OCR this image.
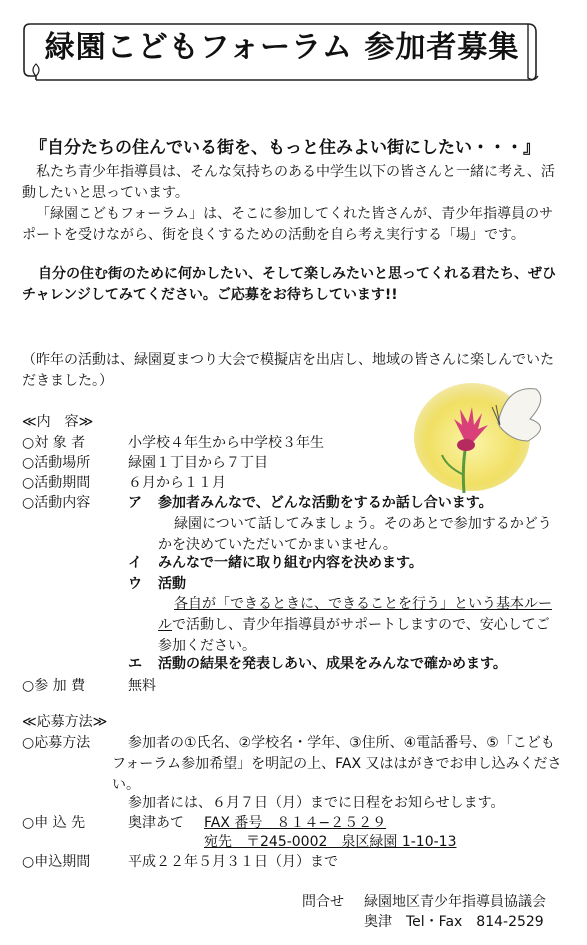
緑園こどもフォーラム 参加者募集
『自分たちの住んでいる街を、もっと住みよい街にしたい・・・』

私たち青少年指導員は、そんな気持ちのある中学生以下の皆さんと一緒に考え、活動したいと思っています。

「緑園こどもフォーラム」は、そこに参加してくれた皆さんが、青少年指導員のサポートを受けながら、街を良くするための活動を自ら考え実行する「場」です。

自分の住む街のために何かしたい、そして楽しみたいと思ってくれる君たち、ぜひチャレンジしてみてください。ご応募をお待ちしています!!

（昨年の活動は、緑園夏まつり大会で模擬店を出店し、地域の皆さんに楽しんでいただきました。）

≪内　容≫
○対 象 者	小学校４年生から中学校３年生
○活動場所	緑園１丁目から７丁目
○活動期間	６月から１１月
○活動内容	ア 参加者みんなで、どんな活動をするか話し合います。

緑園について話してみましょう。そのあとで参加するかどうかを決めていただいてかまいません。

イ みんなで一緒に取り組む内容を決めます。
ウ 活動

各自が「できるときに、できることを行う」という基本ルールで活動し、青少年指導員がサポートしますので、安心してご参加ください。

エ 活動の結果を発表しあい、成果をみんなで確かめます。
○参 加 費	無料
≪応募方法≫
○応募方法	参加者の①氏名、②学校名・学年、③住所、④電話番号、⑤「こどもフォーラム参加希望」を明記の上、FAX 又ははがきでお申し込みください。

参加者には、６月７日（月）までに日程をお知らせします。
○申 込 先	奥津あて FAX 番号　８１４−２５２９
宛先　〒245-0002　泉区緑園 1-10-13
○申込期間	平成２２年５月３１日（月）まで
問合せ 緑園地区青少年指導員協議会
奥津　Tel・Fax　814-2529
